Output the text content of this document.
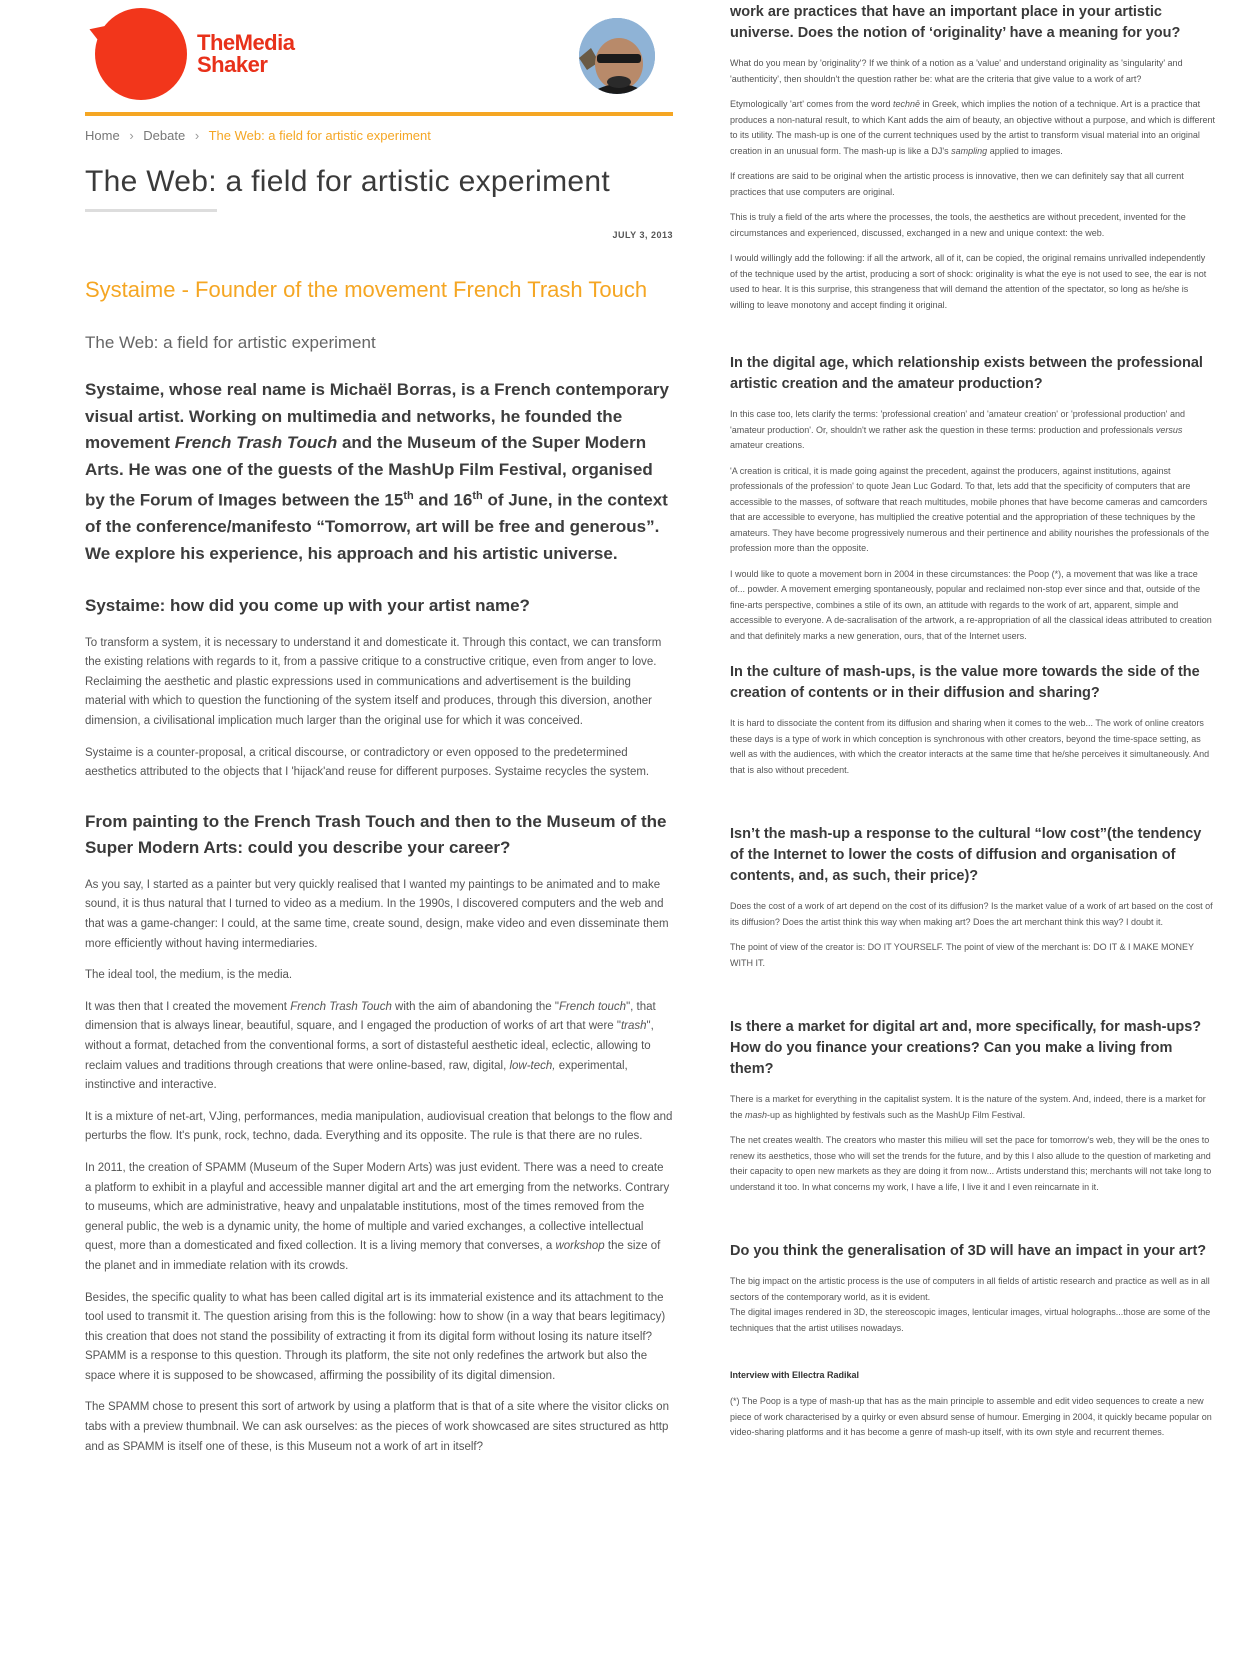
TheMedia
Shaker
Home › Debate › The Web: a field for artistic experiment
The Web: a field for artistic experiment
JULY 3, 2013
Systaime - Founder of the movement French Trash Touch
The Web: a field for artistic experiment
Systaime, whose real name is Michaël Borras, is a French contemporary visual artist. Working on multimedia and networks, he founded the movement French Trash Touch and the Museum of the Super Modern Arts. He was one of the guests of the MashUp Film Festival, organised by the Forum of Images between the 15th and 16th of June, in the context of the conference/manifesto “Tomorrow, art will be free and generous”. We explore his experience, his approach and his artistic universe.
Systaime: how did you come up with your artist name?

To transform a system, it is necessary to understand it and domesticate it. Through this contact, we can transform the existing relations with regards to it, from a passive critique to a constructive critique, even from anger to love. Reclaiming the aesthetic and plastic expressions used in communications and advertisement is the building material with which to question the functioning of the system itself and produces, through this diversion, another dimension, a civilisational implication much larger than the original use for which it was conceived.

Systaime is a counter-proposal, a critical discourse, or contradictory or even opposed to the predetermined aesthetics attributed to the objects that I 'hijack'and reuse for different purposes. Systaime recycles the system.

From painting to the French Trash Touch and then to the Museum of the Super Modern Arts: could you describe your career?

As you say, I started as a painter but very quickly realised that I wanted my paintings to be animated and to make sound, it is thus natural that I turned to video as a medium. In the 1990s, I discovered computers and the web and that was a game-changer: I could, at the same time, create sound, design, make video and even disseminate them more efficiently without having intermediaries.

The ideal tool, the medium, is the media.

It was then that I created the movement French Trash Touch with the aim of abandoning the "French touch", that dimension that is always linear, beautiful, square, and I engaged the production of works of art that were "trash", without a format, detached from the conventional forms, a sort of distasteful aesthetic ideal, eclectic, allowing to reclaim values and traditions through creations that were online-based, raw, digital, low-tech, experimental, instinctive and interactive.

It is a mixture of net-art, VJing, performances, media manipulation, audiovisual creation that belongs to the flow and perturbs the flow. It's punk, rock, techno, dada. Everything and its opposite. The rule is that there are no rules.

In 2011, the creation of SPAMM (Museum of the Super Modern Arts) was just evident. There was a need to create a platform to exhibit in a playful and accessible manner digital art and the art emerging from the networks. Contrary to museums, which are administrative, heavy and unpalatable institutions, most of the times removed from the general public, the web is a dynamic unity, the home of multiple and varied exchanges, a collective intellectual quest, more than a domesticated and fixed collection. It is a living memory that converses, a workshop the size of the planet and in immediate relation with its crowds.

Besides, the specific quality to what has been called digital art is its immaterial existence and its attachment to the tool used to transmit it. The question arising from this is the following: how to show (in a way that bears legitimacy) this creation that does not stand the possibility of extracting it from its digital form without losing its nature itself? SPAMM is a response to this question. Through its platform, the site not only redefines the artwork but also the space where it is supposed to be showcased, affirming the possibility of its digital dimension.

The SPAMM chose to present this sort of artwork by using a platform that is that of a site where the visitor clicks on tabs with a preview thumbnail. We can ask ourselves: as the pieces of work showcased are sites structured as http and as SPAMM is itself one of these, is this Museum not a work of art in itself?

work are practices that have an important place in your artistic universe. Does the notion of ‘originality’ have a meaning for you?

What do you mean by 'originality'? If we think of a notion as a 'value' and understand originality as 'singularity' and 'authenticity', then shouldn't the question rather be: what are the criteria that give value to a work of art?

Etymologically 'art' comes from the word technē in Greek, which implies the notion of a technique. Art is a practice that produces a non-natural result, to which Kant adds the aim of beauty, an objective without a purpose, and which is different to its utility. The mash-up is one of the current techniques used by the artist to transform visual material into an original creation in an unusual form. The mash-up is like a DJ's sampling applied to images.

If creations are said to be original when the artistic process is innovative, then we can definitely say that all current practices that use computers are original.

This is truly a field of the arts where the processes, the tools, the aesthetics are without precedent, invented for the circumstances and experienced, discussed, exchanged in a new and unique context: the web.

I would willingly add the following: if all the artwork, all of it, can be copied, the original remains unrivalled independently of the technique used by the artist, producing a sort of shock: originality is what the eye is not used to see, the ear is not used to hear. It is this surprise, this strangeness that will demand the attention of the spectator, so long as he/she is willing to leave monotony and accept finding it original.

In the digital age, which relationship exists between the professional artistic creation and the amateur production?

In this case too, lets clarify the terms: 'professional creation' and 'amateur creation' or 'professional production' and 'amateur production'. Or, shouldn't we rather ask the question in these terms: production and professionals versus amateur creations.

'A creation is critical, it is made going against the precedent, against the producers, against institutions, against professionals of the profession' to quote Jean Luc Godard. To that, lets add that the specificity of computers that are accessible to the masses, of software that reach multitudes, mobile phones that have become cameras and camcorders that are accessible to everyone, has multiplied the creative potential and the appropriation of these techniques by the amateurs. They have become progressively numerous and their pertinence and ability nourishes the professionals of the profession more than the opposite.

I would like to quote a movement born in 2004 in these circumstances: the Poop (*), a movement that was like a trace of... powder. A movement emerging spontaneously, popular and reclaimed non-stop ever since and that, outside of the fine-arts perspective, combines a stile of its own, an attitude with regards to the work of art, apparent, simple and accessible to everyone. A de-sacralisation of the artwork, a re-appropriation of all the classical ideas attributed to creation and that definitely marks a new generation, ours, that of the Internet users.

In the culture of mash-ups, is the value more towards the side of the creation of contents or in their diffusion and sharing?

It is hard to dissociate the content from its diffusion and sharing when it comes to the web... The work of online creators these days is a type of work in which conception is synchronous with other creators, beyond the time-space setting, as well as with the audiences, with which the creator interacts at the same time that he/she perceives it simultaneously. And that is also without precedent.

Isn’t the mash-up a response to the cultural “low cost”(the tendency of the Internet to lower the costs of diffusion and organisation of contents, and, as such, their price)?

Does the cost of a work of art depend on the cost of its diffusion? Is the market value of a work of art based on the cost of its diffusion? Does the artist think this way when making art? Does the art merchant think this way? I doubt it.

The point of view of the creator is: DO IT YOURSELF. The point of view of the merchant is: DO IT & I MAKE MONEY WITH IT.

Is there a market for digital art and, more specifically, for mash-ups? How do you finance your creations? Can you make a living from them?

There is a market for everything in the capitalist system. It is the nature of the system. And, indeed, there is a market for the mash-up as highlighted by festivals such as the MashUp Film Festival.

The net creates wealth. The creators who master this milieu will set the pace for tomorrow's web, they will be the ones to renew its aesthetics, those who will set the trends for the future, and by this I also allude to the question of marketing and their capacity to open new markets as they are doing it from now... Artists understand this; merchants will not take long to understand it too. In what concerns my work, I have a life, I live it and I even reincarnate in it.

Do you think the generalisation of 3D will have an impact in your art?

The big impact on the artistic process is the use of computers in all fields of artistic research and practice as well as in all sectors of the contemporary world, as it is evident.

The digital images rendered in 3D, the stereoscopic images, lenticular images, virtual holographs...those are some of the techniques that the artist utilises nowadays.

Interview with Ellectra Radikal

(*) The Poop is a type of mash-up that has as the main principle to assemble and edit video sequences to create a new piece of work characterised by a quirky or even absurd sense of humour. Emerging in 2004, it quickly became popular on video-sharing platforms and it has become a genre of mash-up itself, with its own style and recurrent themes.
